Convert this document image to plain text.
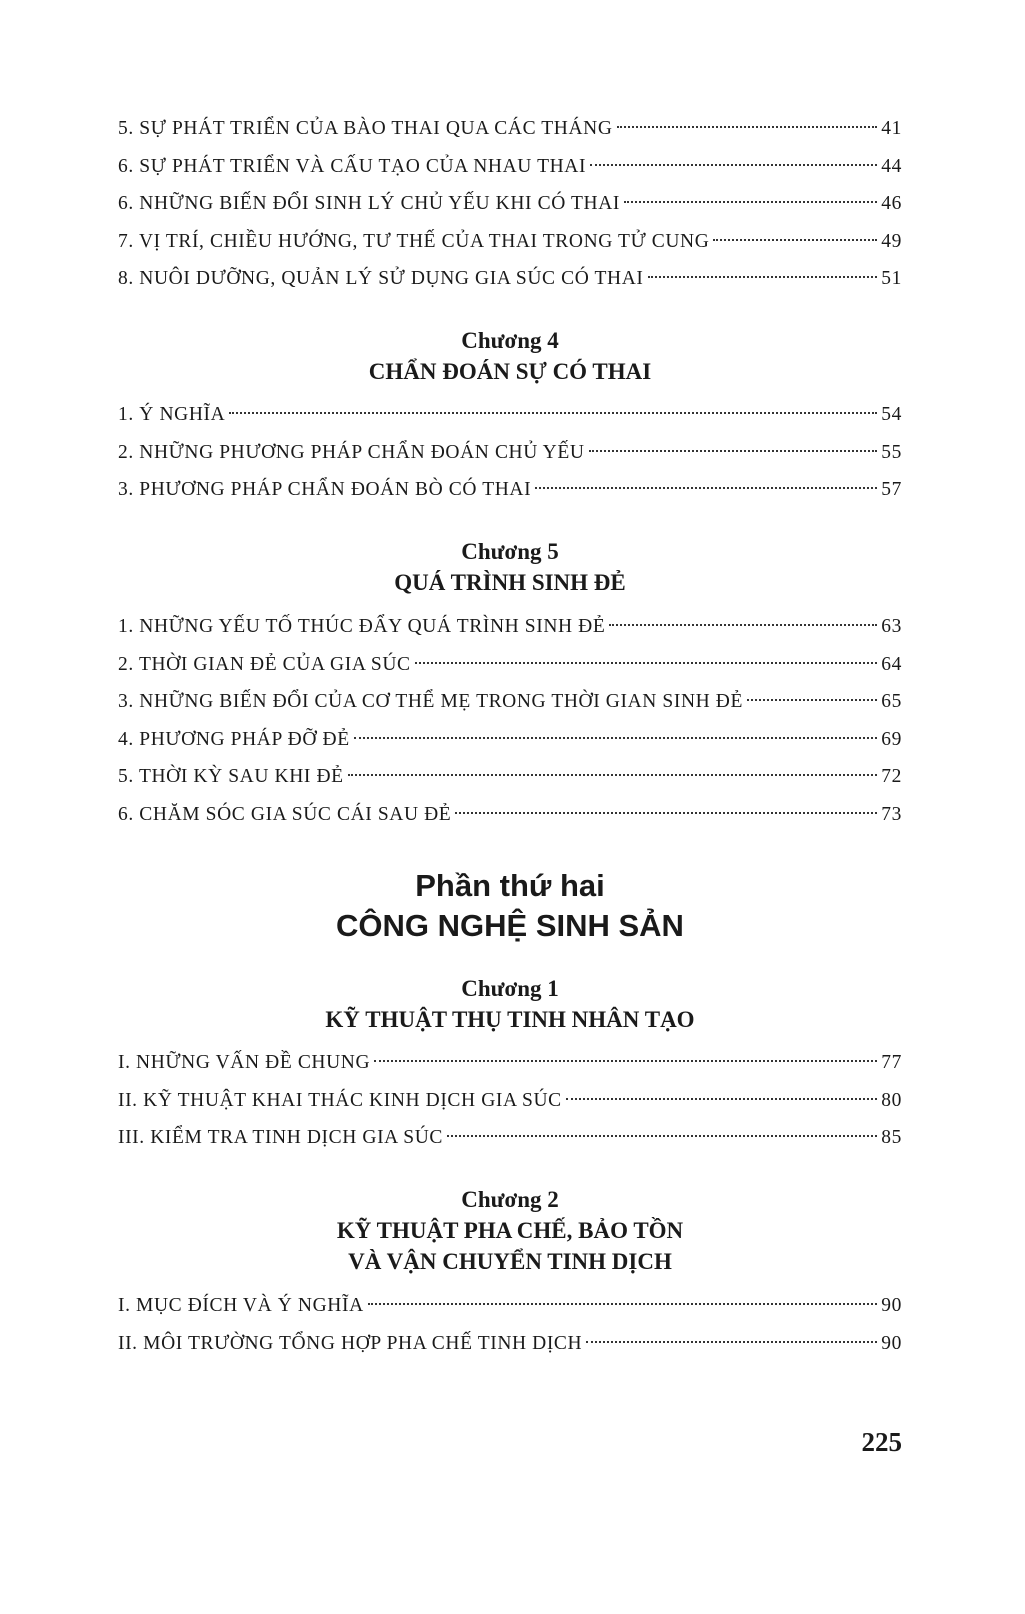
5. SỰ PHÁT TRIỂN CỦA BÀO THAI QUA CÁC THÁNG	41
6. SỰ PHÁT TRIỂN VÀ CẤU TẠO CỦA NHAU THAI	44
6. NHỮNG BIẾN ĐỔI SINH LÝ CHỦ YẾU KHI CÓ THAI	46
7. VỊ TRÍ, CHIỀU HƯỚNG, TƯ THẾ CỦA THAI TRONG TỬ CUNG	49
8. NUÔI DƯỠNG, QUẢN LÝ SỬ DỤNG GIA SÚC CÓ THAI	51
Chương 4
CHẨN ĐOÁN SỰ CÓ THAI
1. Ý NGHĨA	54
2. NHỮNG PHƯƠNG PHÁP CHẨN ĐOÁN CHỦ YẾU	55
3. PHƯƠNG PHÁP CHẨN ĐOÁN BÒ CÓ THAI	57
Chương 5
QUÁ TRÌNH SINH ĐẺ
1. NHỮNG YẾU TỐ THÚC ĐẨY QUÁ TRÌNH SINH ĐẺ	63
2. THỜI GIAN ĐẺ CỦA GIA SÚC	64
3. NHỮNG BIẾN ĐỔI CỦA CƠ THỂ MẸ TRONG THỜI GIAN SINH ĐẺ	65
4. PHƯƠNG PHÁP ĐỠ ĐẺ	69
5. THỜI KỲ SAU KHI ĐẺ	72
6. CHĂM SÓC GIA SÚC CÁI SAU ĐẺ	73
Phần thứ hai
CÔNG NGHỆ SINH SẢN
Chương 1
KỸ THUẬT THỤ TINH NHÂN TẠO
I. NHỮNG VẤN ĐỀ CHUNG	77
II. KỸ THUẬT KHAI THÁC KINH DỊCH GIA SÚC	80
III. KIỂM TRA TINH DỊCH GIA SÚC	85
Chương 2
KỸ THUẬT PHA CHẾ, BẢO TỒN
VÀ VẬN CHUYỂN TINH DỊCH
I. MỤC ĐÍCH VÀ Ý NGHĨA	90
II. MÔI TRƯỜNG TỔNG HỢP PHA CHẾ TINH DỊCH	90
225
